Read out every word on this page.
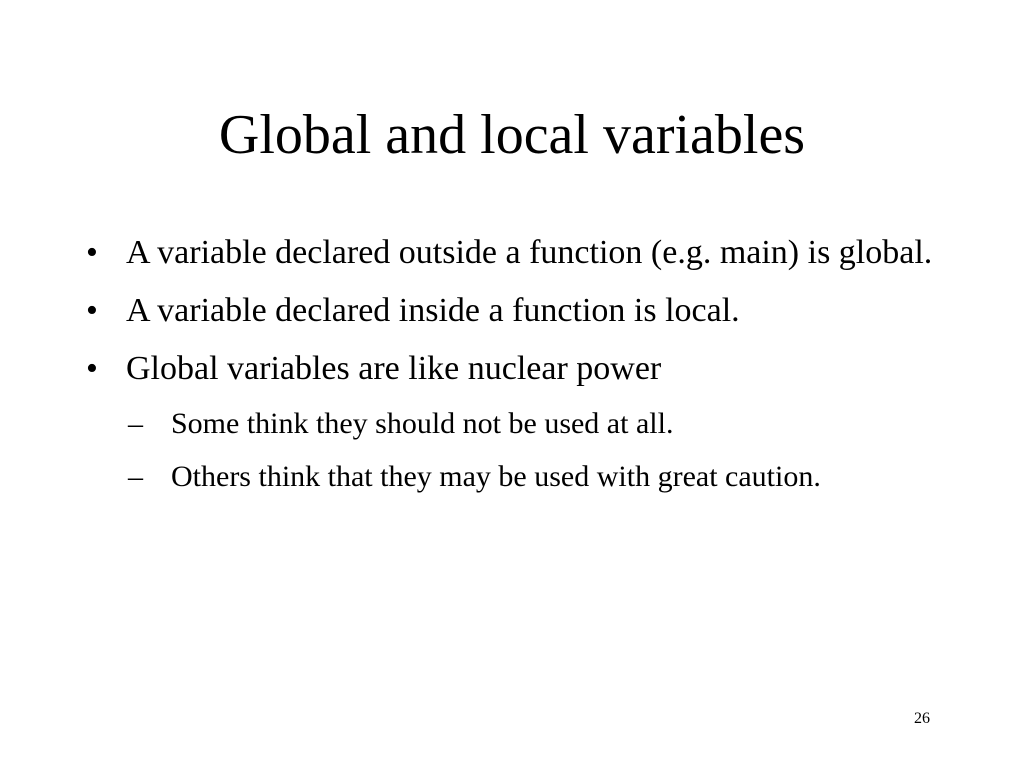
Global and local variables
• A variable declared outside a function (e.g. main) is global.
• A variable declared inside a function is local.
• Global variables are like nuclear power
– Some think they should not be used at all.
– Others think that they may be used with great caution.
26
